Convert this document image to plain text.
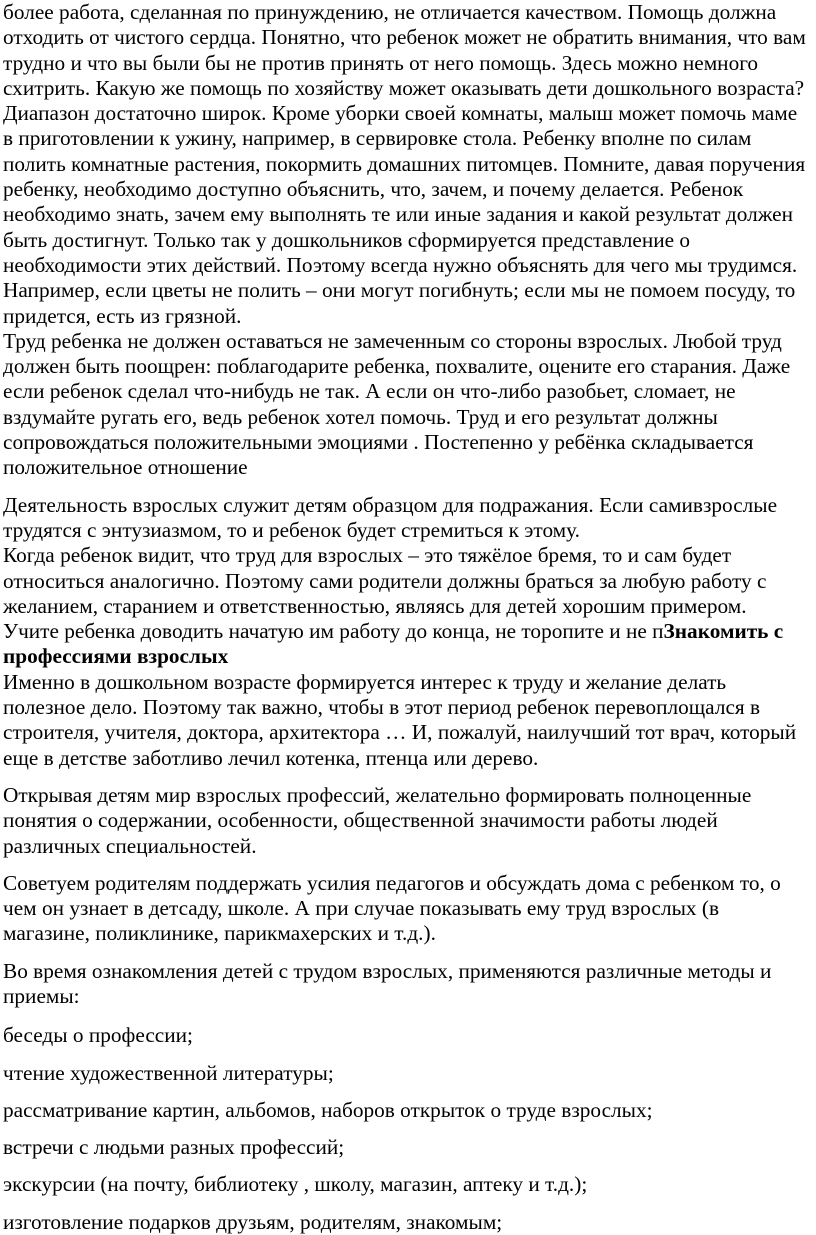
более работа, сделанная по принуждению, не отличается качеством. Помощь должна отходить от чистого сердца. Понятно, что ребенок может не обратить внимания, что вам трудно и что вы были бы не против принять от него помощь. Здесь можно немного схитрить. Какую же помощь по хозяйству может оказывать дети дошкольного возраста? Диапазон достаточно широк. Кроме уборки своей комнаты, малыш может помочь маме в приготовлении к ужину, например, в сервировке стола. Ребенку вполне по силам полить комнатные растения, покормить домашних питомцев. Помните, давая поручения ребенку, необходимо доступно объяснить, что, зачем, и почему делается. Ребенок необходимо знать, зачем ему выполнять те или иные задания и какой результат должен быть достигнут. Только так у дошкольников сформируется представление о необходимости этих действий. Поэтому всегда нужно объяснять для чего мы трудимся. Например, если цветы не полить – они могут погибнуть; если мы не помоем посуду, то придется, есть из грязной.

Труд ребенка не должен оставаться не замеченным со стороны взрослых. Любой труд должен быть поощрен: поблагодарите ребенка, похвалите, оцените его старания. Даже если ребенок сделал что-нибудь не так. А если он что-либо разобьет, сломает, не вздумайте ругать его, ведь ребенок хотел помочь. Труд и его результат должны сопровождаться положительными эмоциями . Постепенно у ребёнка складывается положительное отношение

Деятельность взрослых служит детям образцом для подражания. Если самивзрослые трудятся с энтузиазмом, то и ребенок будет стремиться к этому.

Когда ребенок видит, что труд для взрослых – это тяжёлое бремя, то и сам будет относиться аналогично. Поэтому сами родители должны браться за любую работу с желанием, старанием и ответственностью, являясь для детей хорошим примером.

Учите ребенка доводить начатую им работу до конца, не торопите и не пЗнакомить с профессиями взрослых

Именно в дошкольном возрасте формируется интерес к труду и желание делать полезное дело. Поэтому так важно, чтобы в этот период ребенок перевоплощался в строителя, учителя, доктора, архитектора … И, пожалуй, наилучший тот врач, который еще в детстве заботливо лечил котенка, птенца или дерево.

Открывая детям мир взрослых профессий, желательно формировать полноценные понятия о содержании, особенности, общественной значимости работы людей различных специальностей.

Советуем родителям поддержать усилия педагогов и обсуждать дома с ребенком то, о чем он узнает в детсаду, школе. А при случае показывать ему труд взрослых (в магазине, поликлинике, парикмахерских и т.д.).

Во время ознакомления детей с трудом взрослых, применяются различные методы и приемы:

беседы о профессии;

чтение художественной литературы;

рассматривание картин, альбомов, наборов открыток о труде взрослых;

встречи с людьми разных профессий;

экскурсии (на почту, библиотеку , школу, магазин, аптеку и т.д.);

изготовление подарков друзьям, родителям, знакомым;
